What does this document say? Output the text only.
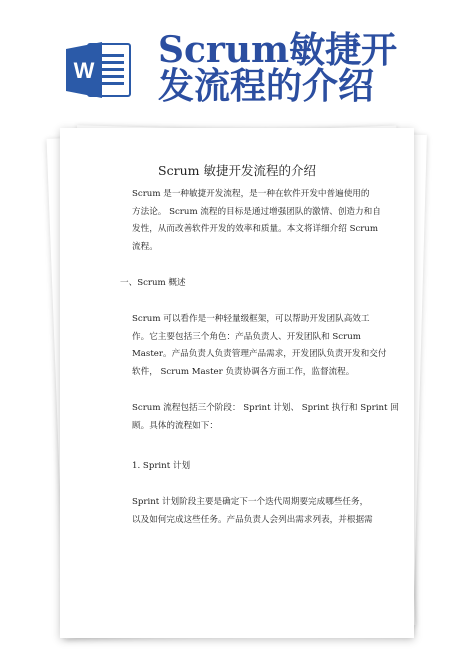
W Scrum敏捷开
发流程的介绍
Scrum 敏捷开发流程的介绍
Scrum 是一种敏捷开发流程，是一种在软件开发中普遍使用的
方法论。 Scrum 流程的目标是通过增强团队的激情、创造力和自
发性，从而改善软件开发的效率和质量。本文将详细介绍 Scrum
流程。
一、Scrum 概述
Scrum 可以看作是一种轻量级框架，可以帮助开发团队高效工
作。它主要包括三个角色：产品负责人、开发团队和 Scrum
Master。产品负责人负责管理产品需求，开发团队负责开发和交付
软件， Scrum Master 负责协调各方面工作，监督流程。
Scrum 流程包括三个阶段： Sprint 计划、 Sprint 执行和 Sprint 回
顾。具体的流程如下：
1. Sprint 计划
Sprint 计划阶段主要是确定下一个迭代周期要完成哪些任务，
以及如何完成这些任务。产品负责人会列出需求列表，并根据需
